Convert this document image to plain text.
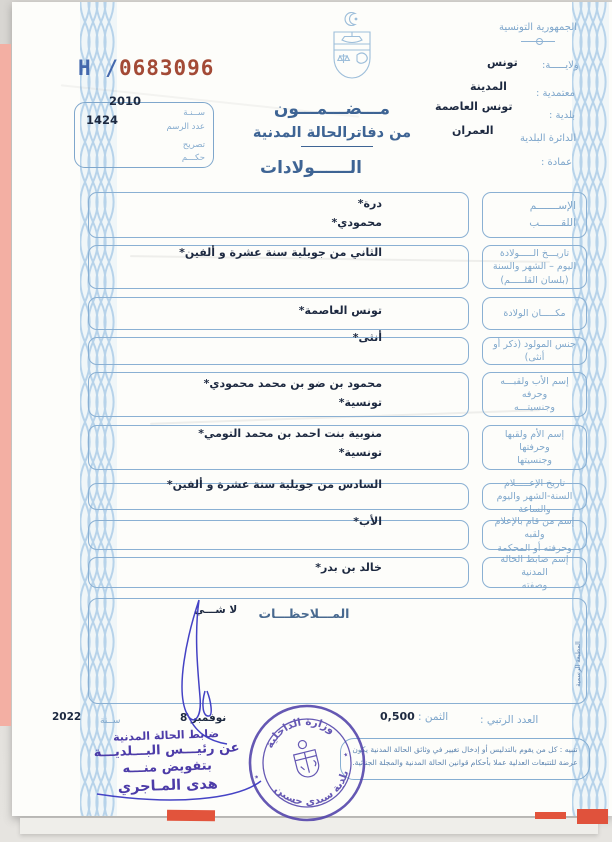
الجمهورية التونسية
H /0683096
ســنـة
عدد الرسم
تصريح
حكـــم
2010
1424
ولايـــــة:
تونس
معتمدية :
المدينة
بلدية :
تونس العاصمة
الدائرة البلدية
العمران
عمادة :
مـــضـــمـــون
من دفاترالحالة المدنية
الــــــولادات
الإســـــــم
اللقـــــــب
درة*
محمودي*
تاريـــخ الـــــولادة
اليوم – الشهر والسنة
(بلسان القلـــــم)
الثاني من جويلية سنة عشرة و ألفين*
مكـــــان الولادة
تونس العاصمة*
جنس المولود (ذكر أو أنثى)
أنثى*
إسم الأب ولقبـــه وحرفه
وجنسيتـــه
محمود بن ضو بن محمد محمودي*
تونسية*
إسم الأم ولقبها وحرفتها
وجنسيتها
منوبية بنت احمد بن محمد التومي*
تونسية*
تاريخ الإعـــــلام
السنة-الشهر واليوم والساعة
السادس من جويلية سنة عشرة و ألفين*
إسم من قام بالإعلام ولقبه
وحرفته أو المحكمة
الأب*
إسم ضابط الحالة المدنية
وصفته
خالد بن بدر*
المـــلاحظـــات
لا شـــي
العدد الرتبي :
الثمن :
0,500
تنبيه : كل من يقوم بالتدليس أو إدخال تغيير في وثائق الحالة المدنية يكون عرضة للتتبعات العدلية عملا بأحكام قوانين الحالة المدنية والمجلة الجنائية.
8 نوفمبر
ســنة
2022
المطبعة الرسمية
ضابط الحالة المدنية
عن رئيـــس البـــلديـــة
بتفويض منـــه
هدى المـاجري
وزارة الداخلية
بلدية سيدي حسين
٭
٭
